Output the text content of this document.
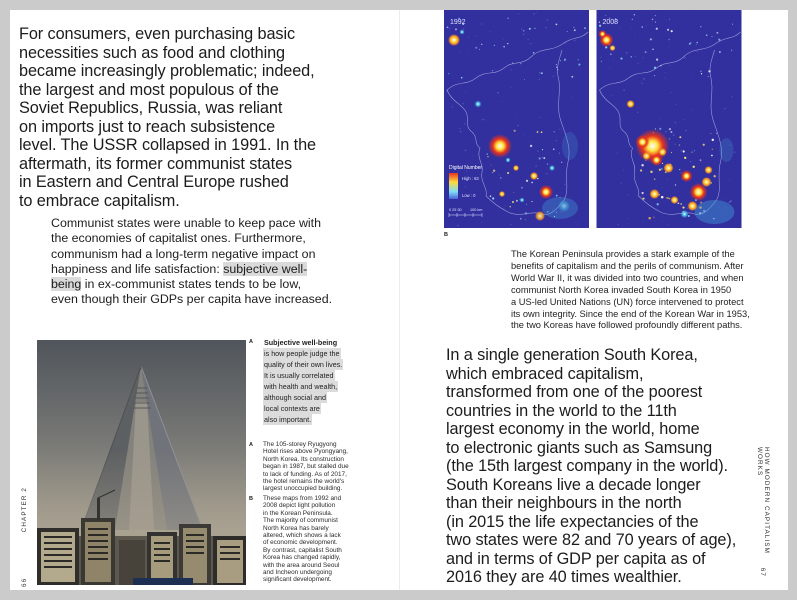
For consumers, even purchasing basic
necessities such as food and clothing
became increasingly problematic; indeed,
the largest and most populous of the
Soviet Republics, Russia, was reliant
on imports just to reach subsistence
level. The USSR collapsed in 1991. In the
aftermath, its former communist states
in Eastern and Central Europe rushed
to embrace capitalism.
Communist states were unable to keep pace with
the economies of capitalist ones. Furthermore,
communism had a long-term negative impact on
happiness and life satisfaction: subjective well-
being in ex-communist states tends to be low,
even though their GDPs per capita have increased.
A Subjective well-being
is how people judge the
quality of their own lives.
It is usually correlated
with health and wealth,
although social and
local contexts are
also important.
A The 105-storey Ryugyong
Hotel rises above Pyongyang,
North Korea. Its construction
began in 1987, but stalled due
to lack of funding. As of 2017,
the hotel remains the world's
largest unoccupied building.
B These maps from 1992 and
2008 depict light pollution
in the Korean Peninsula.
The majority of communist
North Korea has barely
altered, which shows a lack
of economic development.
By contrast, capitalist South
Korea has changed rapidly,
with the area around Seoul
and Incheon undergoing
significant development.
66
CHAPTER 2
1992
Digital Number
High : 63
Low : 0
0 25 50 100 km
2008
B
The Korean Peninsula provides a stark example of the
benefits of capitalism and the perils of communism. After
World War II, it was divided into two countries, and when
communist North Korea invaded South Korea in 1950
a US-led United Nations (UN) force intervened to protect
its own integrity. Since the end of the Korean War in 1953,
the two Koreas have followed profoundly different paths.
In a single generation South Korea,
which embraced capitalism,
transformed from one of the poorest
countries in the world to the 11th
largest economy in the world, home
to electronic giants such as Samsung
(the 15th largest company in the world).
South Koreans live a decade longer
than their neighbours in the north
(in 2015 the life expectancies of the
two states were 82 and 70 years of age),
and in terms of GDP per capita as of
2016 they are 40 times wealthier.
HOW MODERN CAPITALISM WORKS
67
